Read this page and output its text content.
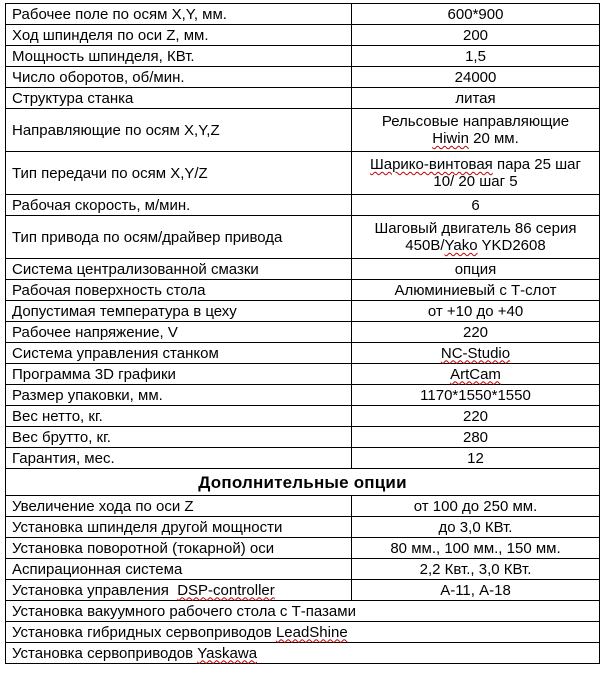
Рабочее поле по осям X,Y, мм.	600*900
Ход шпинделя по оси Z, мм.	200
Мощность шпинделя, КВт.	1,5
Число оборотов, об/мин.	24000
Структура станка	литая
Направляющие по осям X,Y,Z	Рельсовые направляющие
Hiwin 20 мм.
Тип передачи по осям X,Y/Z	Шарико-винтовая пара 25 шаг
10/ 20 шаг 5
Рабочая скорость, м/мин.	6
Тип привода по осям/драйвер привода	Шаговый двигатель 86 серия
450В/Yako YKD2608
Система централизованной смазки	опция
Рабочая поверхность стола	Алюминиевый с Т-слот
Допустимая температура в цеху	от +10 до +40
Рабочее напряжение, V	220
Система управления станком	NC-Studio
Программа 3D графики	ArtCam
Размер упаковки, мм.	1170*1550*1550
Вес нетто, кг.	220
Вес брутто, кг.	280
Гарантия, мес.	12
Дополнительные опции	
Увеличение хода по оси Z	от 100 до 250 мм.
Установка шпинделя другой мощности	до 3,0 КВт.
Установка поворотной (токарной) оси	80 мм., 100 мм., 150 мм.
Аспирационная система	2,2 Квт., 3,0 КВт.
Установка управления  DSP-controller	А-11, А-18
Установка вакуумного рабочего стола с Т-пазами	
Установка гибридных сервоприводов LeadShine	
Установка сервоприводов Yaskawa	
